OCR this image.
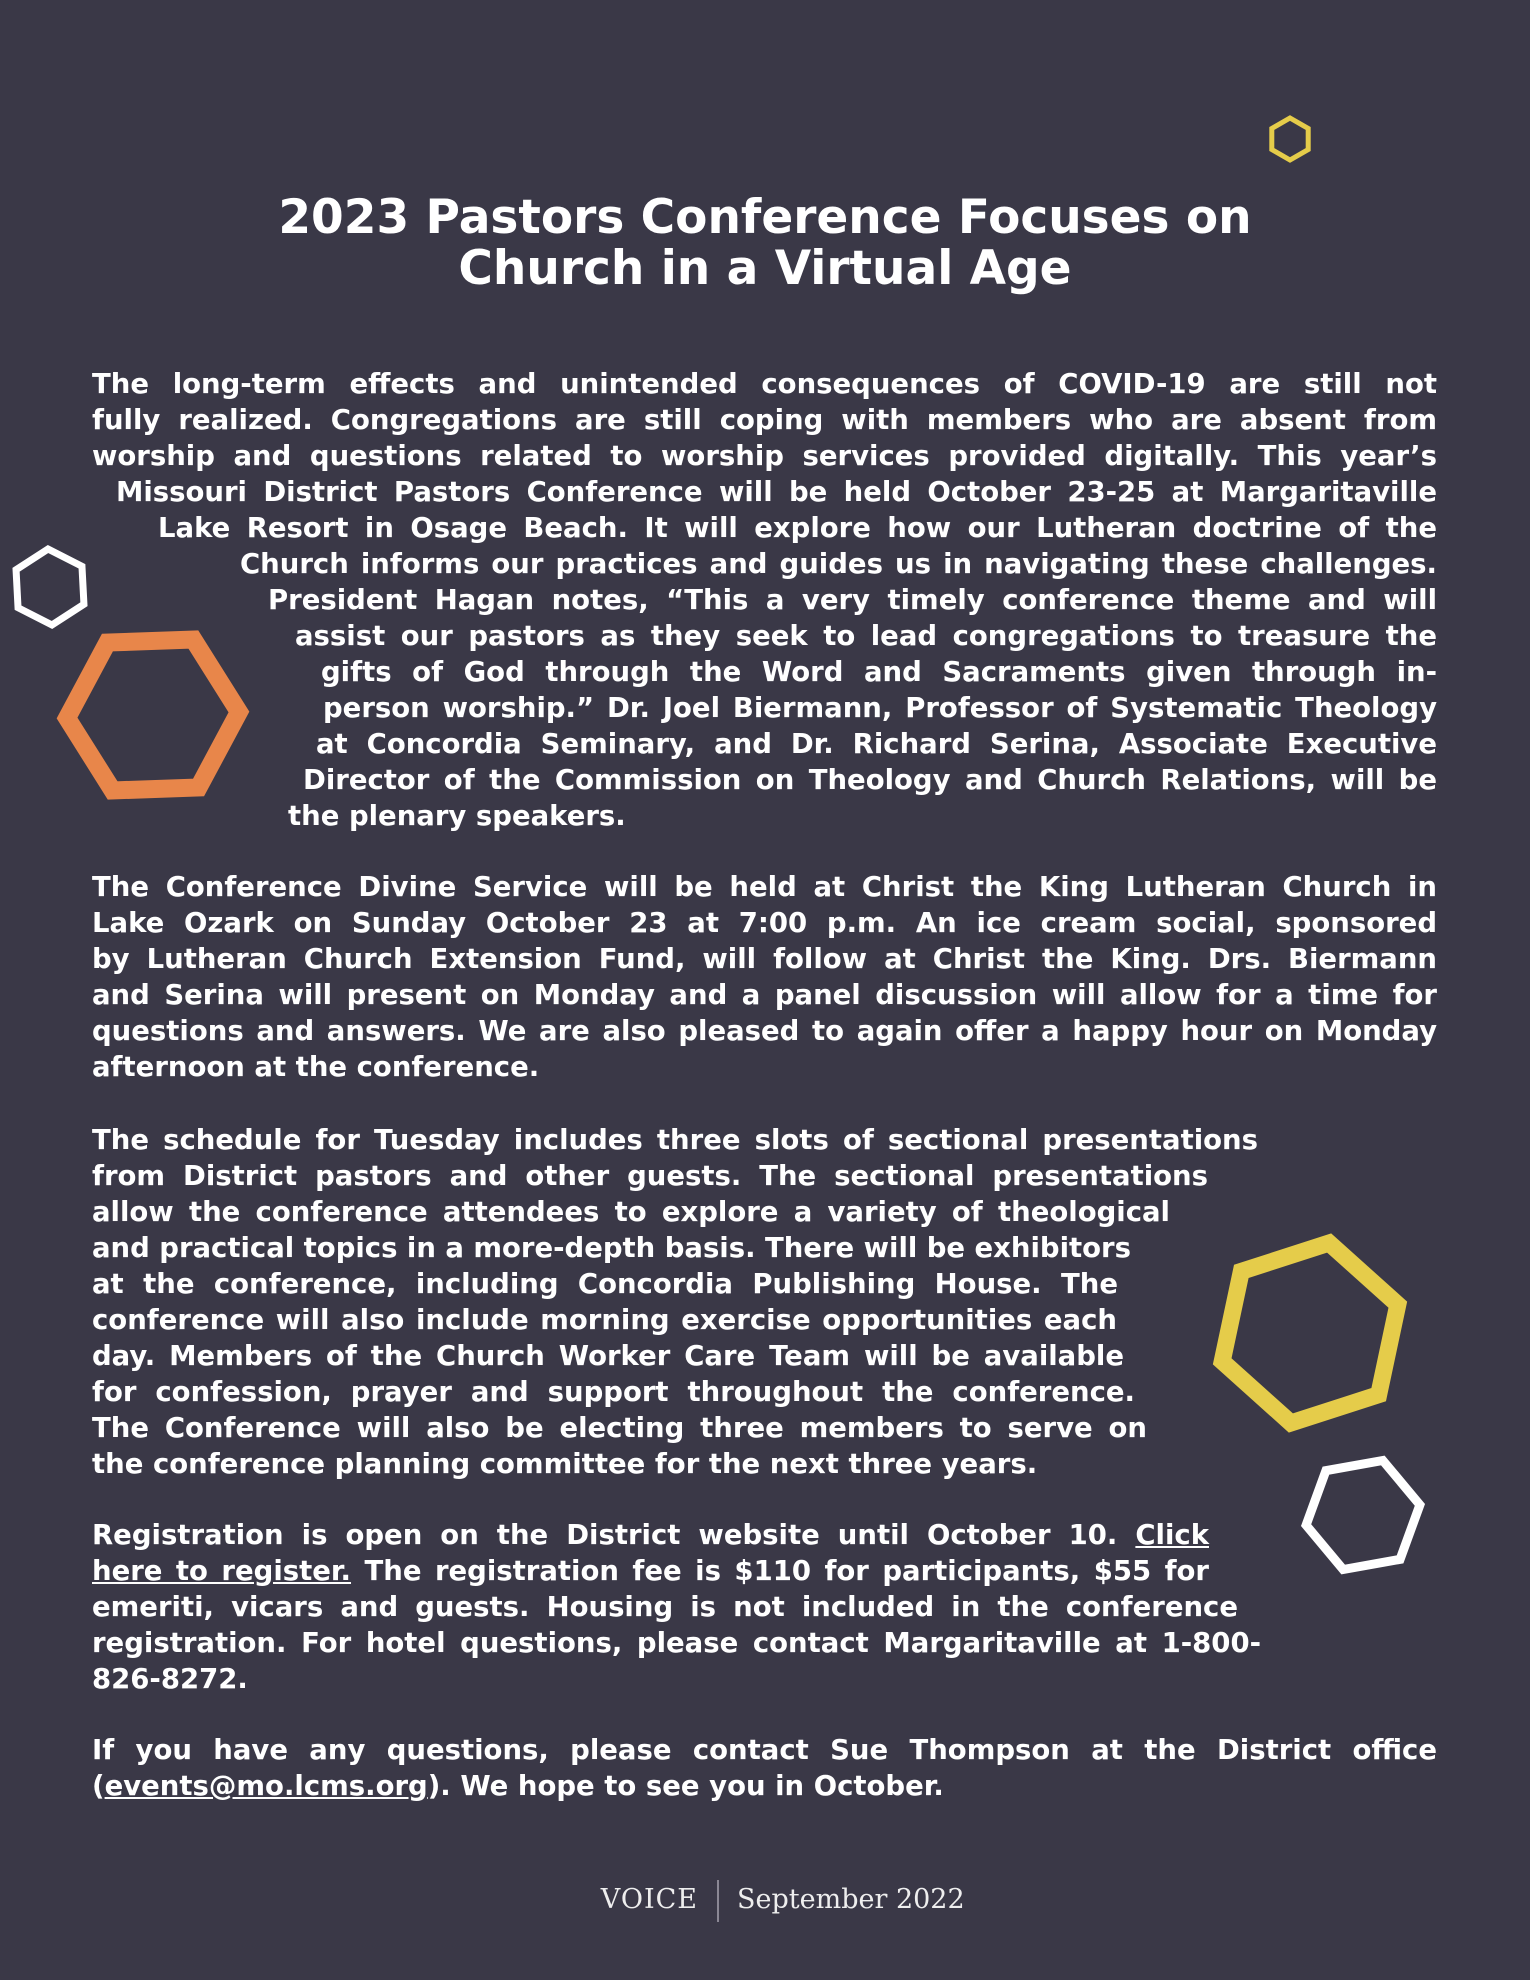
2023 Pastors Conference Focuses on
Church in a Virtual Age
The long-term effects and unintended consequences of COVID-19 are still not
fully realized. Congregations are still coping with members who are absent from
worship and questions related to worship services provided digitally. This year’s
Missouri District Pastors Conference will be held October 23-25 at Margaritaville
Lake Resort in Osage Beach. It will explore how our Lutheran doctrine of the
Church informs our practices and guides us in navigating these challenges.
President Hagan notes, “This a very timely conference theme and will
assist our pastors as they seek to lead congregations to treasure the
gifts of God through the Word and Sacraments given through in-
person worship.” Dr. Joel Biermann, Professor of Systematic Theology
at Concordia Seminary, and Dr. Richard Serina, Associate Executive
Director of the Commission on Theology and Church Relations, will be
the plenary speakers.
The Conference Divine Service will be held at Christ the King Lutheran Church in
Lake Ozark on Sunday October 23 at 7:00 p.m. An ice cream social, sponsored
by Lutheran Church Extension Fund, will follow at Christ the King. Drs. Biermann
and Serina will present on Monday and a panel discussion will allow for a time for
questions and answers. We are also pleased to again offer a happy hour on Monday
afternoon at the conference.
The schedule for Tuesday includes three slots of sectional presentations
from District pastors and other guests. The sectional presentations
allow the conference attendees to explore a variety of theological
and practical topics in a more-depth basis. There will be exhibitors
at the conference, including Concordia Publishing House. The
conference will also include morning exercise opportunities each
day. Members of the Church Worker Care Team will be available
for confession, prayer and support throughout the conference.
The Conference will also be electing three members to serve on
the conference planning committee for the next three years.
Registration is open on the District website until October 10. Click
here to register. The registration fee is $110 for participants, $55 for
emeriti, vicars and guests. Housing is not included in the conference
registration. For hotel questions, please contact Margaritaville at 1-800-
826-8272.
If you have any questions, please contact Sue Thompson at the District office
(events@mo.lcms.org). We hope to see you in October.
VOICE September 2022
